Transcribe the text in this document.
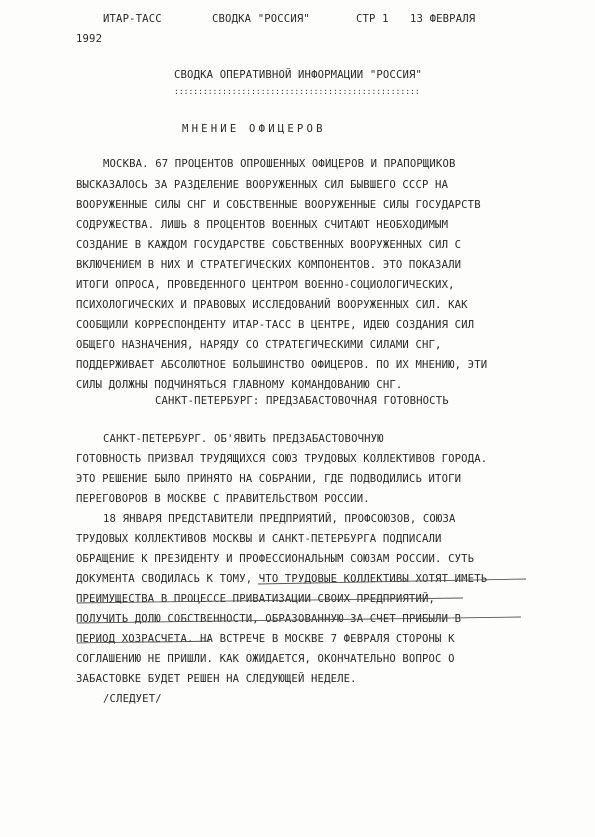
ИТАР-ТАСС	СВОДКА "РОССИЯ"	СТР 1 13 ФЕВРАЛЯ
1992
СВОДКА ОПЕРАТИВНОЙ ИНФОРМАЦИИ "РОССИЯ"
:::::::::::::::::::::::::::::::::::::::::::::::::::
МНЕНИЕ ОФИЦЕРОВ
МОСКВА. 67 ПРОЦЕНТОВ ОПРОШЕННЫХ ОФИЦЕРОВ И ПРАПОРЩИКОВ
ВЫСКАЗАЛОСЬ ЗА РАЗДЕЛЕНИЕ ВООРУЖЕННЫХ СИЛ БЫВШЕГО СССР НА
ВООРУЖЕННЫЕ СИЛЫ СНГ И СОБСТВЕННЫЕ ВООРУЖЕННЫЕ СИЛЫ ГОСУДАРСТВ
СОДРУЖЕСТВА. ЛИШЬ 8 ПРОЦЕНТОВ ВОЕННЫХ СЧИТАЮТ НЕОБХОДИМЫМ
СОЗДАНИЕ В КАЖДОМ ГОСУДАРСТВЕ СОБСТВЕННЫХ ВООРУЖЕННЫХ СИЛ С
ВКЛЮЧЕНИЕМ В НИХ И СТРАТЕГИЧЕСКИХ КОМПОНЕНТОВ. ЭТО ПОКАЗАЛИ
ИТОГИ ОПРОСА, ПРОВЕДЕННОГО ЦЕНТРОМ ВОЕННО-СОЦИОЛОГИЧЕСКИХ,
ПСИХОЛОГИЧЕСКИХ И ПРАВОВЫХ ИССЛЕДОВАНИЙ ВООРУЖЕННЫХ СИЛ. КАК
СООБЩИЛИ КОРРЕСПОНДЕНТУ ИТАР-ТАСС В ЦЕНТРЕ, ИДЕЮ СОЗДАНИЯ СИЛ
ОБЩЕГО НАЗНАЧЕНИЯ, НАРЯДУ СО СТРАТЕГИЧЕСКИМИ СИЛАМИ СНГ,
ПОДДЕРЖИВАЕТ АБСОЛЮТНОЕ БОЛЬШИНСТВО ОФИЦЕРОВ. ПО ИХ МНЕНИЮ, ЭТИ
СИЛЫ ДОЛЖНЫ ПОДЧИНЯТЬСЯ ГЛАВНОМУ КОМАНДОВАНИЮ СНГ.
САНКТ-ПЕТЕРБУРГ: ПРЕДЗАБАСТОВОЧНАЯ ГОТОВНОСТЬ
САНКТ-ПЕТЕРБУРГ. ОБ'ЯВИТЬ ПРЕДЗАБАСТОВОЧНУЮ
ГОТОВНОСТЬ ПРИЗВАЛ ТРУДЯЩИХСЯ СОЮЗ ТРУДОВЫХ КОЛЛЕКТИВОВ ГОРОДА.
ЭТО РЕШЕНИЕ БЫЛО ПРИНЯТО НА СОБРАНИИ, ГДЕ ПОДВОДИЛИСЬ ИТОГИ
ПЕРЕГОВОРОВ В МОСКВЕ С ПРАВИТЕЛЬСТВОМ РОССИИ.
18 ЯНВАРЯ ПРЕДСТАВИТЕЛИ ПРЕДПРИЯТИЙ, ПРОФСОЮЗОВ, СОЮЗА
ТРУДОВЫХ КОЛЛЕКТИВОВ МОСКВЫ И САНКТ-ПЕТЕРБУРГА ПОДПИСАЛИ
ОБРАЩЕНИЕ К ПРЕЗИДЕНТУ И ПРОФЕССИОНАЛЬНЫМ СОЮЗАМ РОССИИ. СУТЬ
ДОКУМЕНТА СВОДИЛАСЬ К ТОМУ, ЧТО ТРУДОВЫЕ КОЛЛЕКТИВЫ ХОТЯТ ИМЕТЬ
ПРЕИМУЩЕСТВА В ПРОЦЕССЕ ПРИВАТИЗАЦИИ СВОИХ ПРЕДПРИЯТИЙ,
ПОЛУЧИТЬ ДОЛЮ СОБСТВЕННОСТИ, ОБРАЗОВАННУЮ ЗА СЧЕТ ПРИБЫЛИ В
ПЕРИОД ХОЗРАСЧЕТА. НА ВСТРЕЧЕ В МОСКВЕ 7 ФЕВРАЛЯ СТОРОНЫ К
СОГЛАШЕНИЮ НЕ ПРИШЛИ. КАК ОЖИДАЕТСЯ, ОКОНЧАТЕЛЬНО ВОПРОС О
ЗАБАСТОВКЕ БУДЕТ РЕШЕН НА СЛЕДУЮЩЕЙ НЕДЕЛЕ.
/СЛЕДУЕТ/
